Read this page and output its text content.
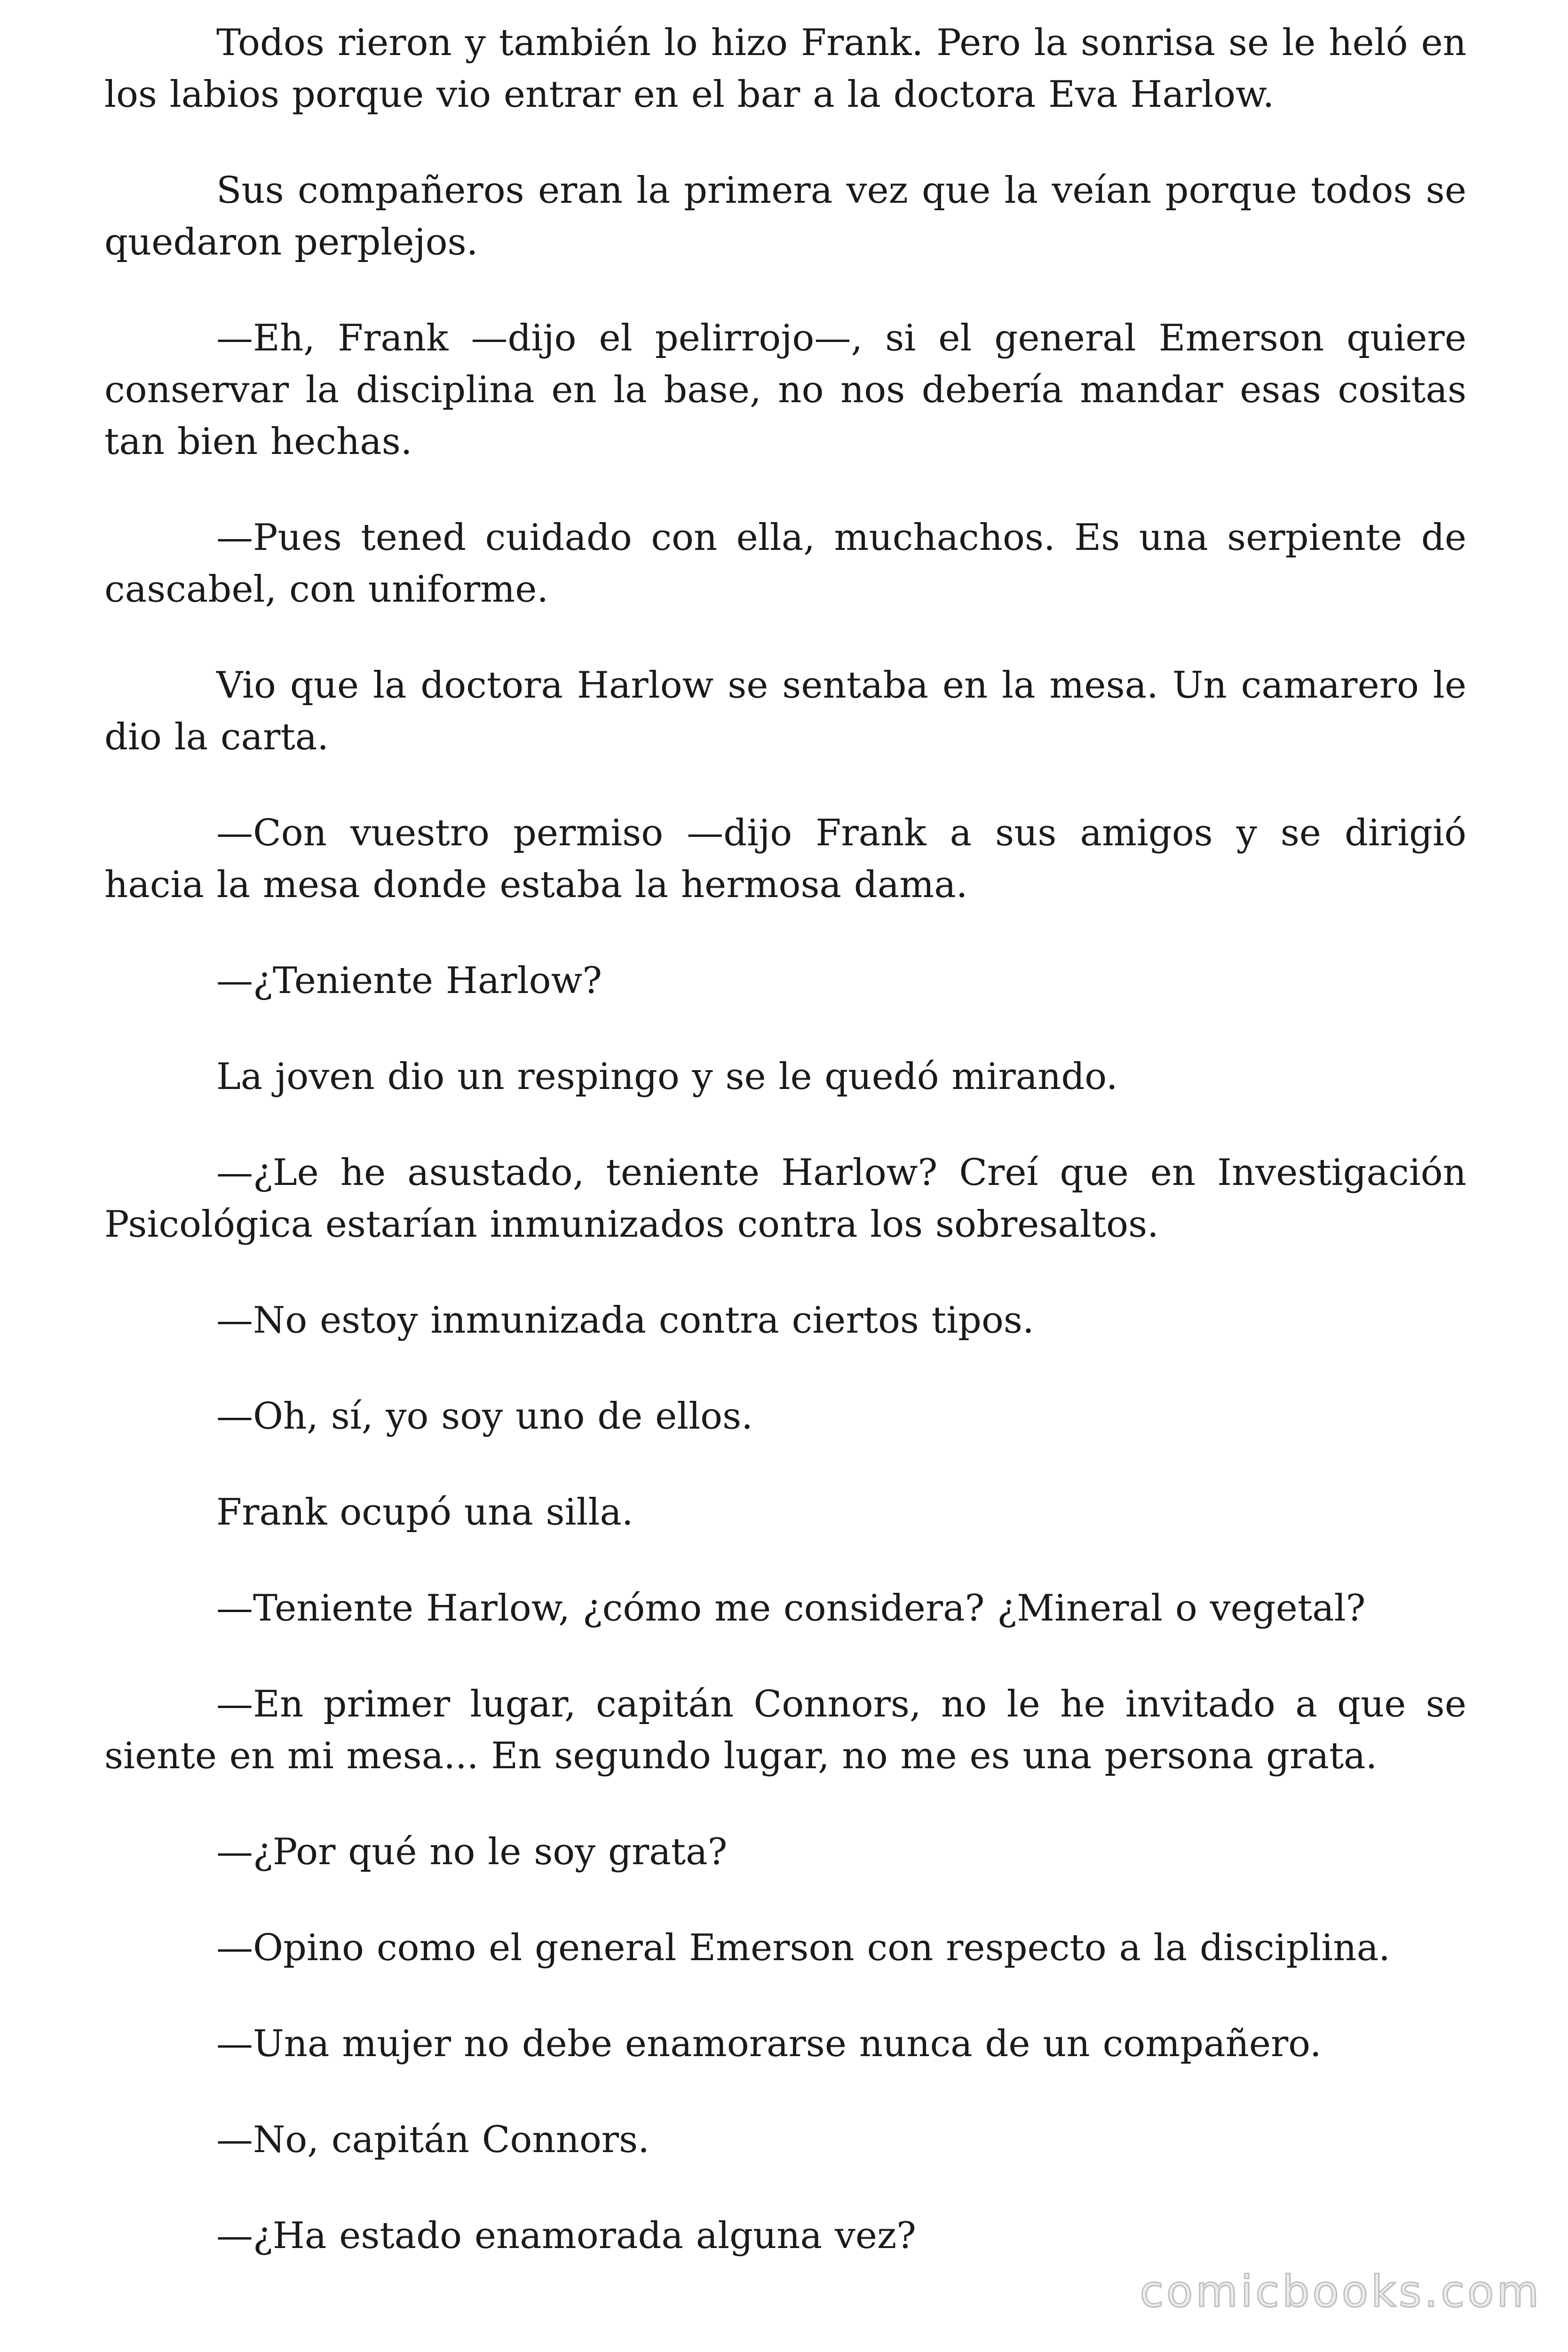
Todos rieron y también lo hizo Frank. Pero la sonrisa se le heló en los labios porque vio entrar en el bar a la doctora Eva Harlow.

Sus compañeros eran la primera vez que la veían porque todos se quedaron perplejos.

—Eh, Frank —dijo el pelirrojo—, si el general Emerson quiere conservar la disciplina en la base, no nos debería mandar esas cositas tan bien hechas.

—Pues tened cuidado con ella, muchachos. Es una serpiente de cascabel, con uniforme.

Vio que la doctora Harlow se sentaba en la mesa. Un camarero le dio la carta.

—Con vuestro permiso —dijo Frank a sus amigos y se dirigió hacia la mesa donde estaba la hermosa dama.

—¿Teniente Harlow?

La joven dio un respingo y se le quedó mirando.

—¿Le he asustado, teniente Harlow? Creí que en Investigación Psicológica estarían inmunizados contra los sobresaltos.

—No estoy inmunizada contra ciertos tipos.

—Oh, sí, yo soy uno de ellos.

Frank ocupó una silla.

—Teniente Harlow, ¿cómo me considera? ¿Mineral o vegetal?

—En primer lugar, capitán Connors, no le he invitado a que se siente en mi mesa... En segundo lugar, no me es una persona grata.

—¿Por qué no le soy grata?

—Opino como el general Emerson con respecto a la disciplina.

—Una mujer no debe enamorarse nunca de un compañero.

—No, capitán Connors.

—¿Ha estado enamorada alguna vez?

comicbooks.com
